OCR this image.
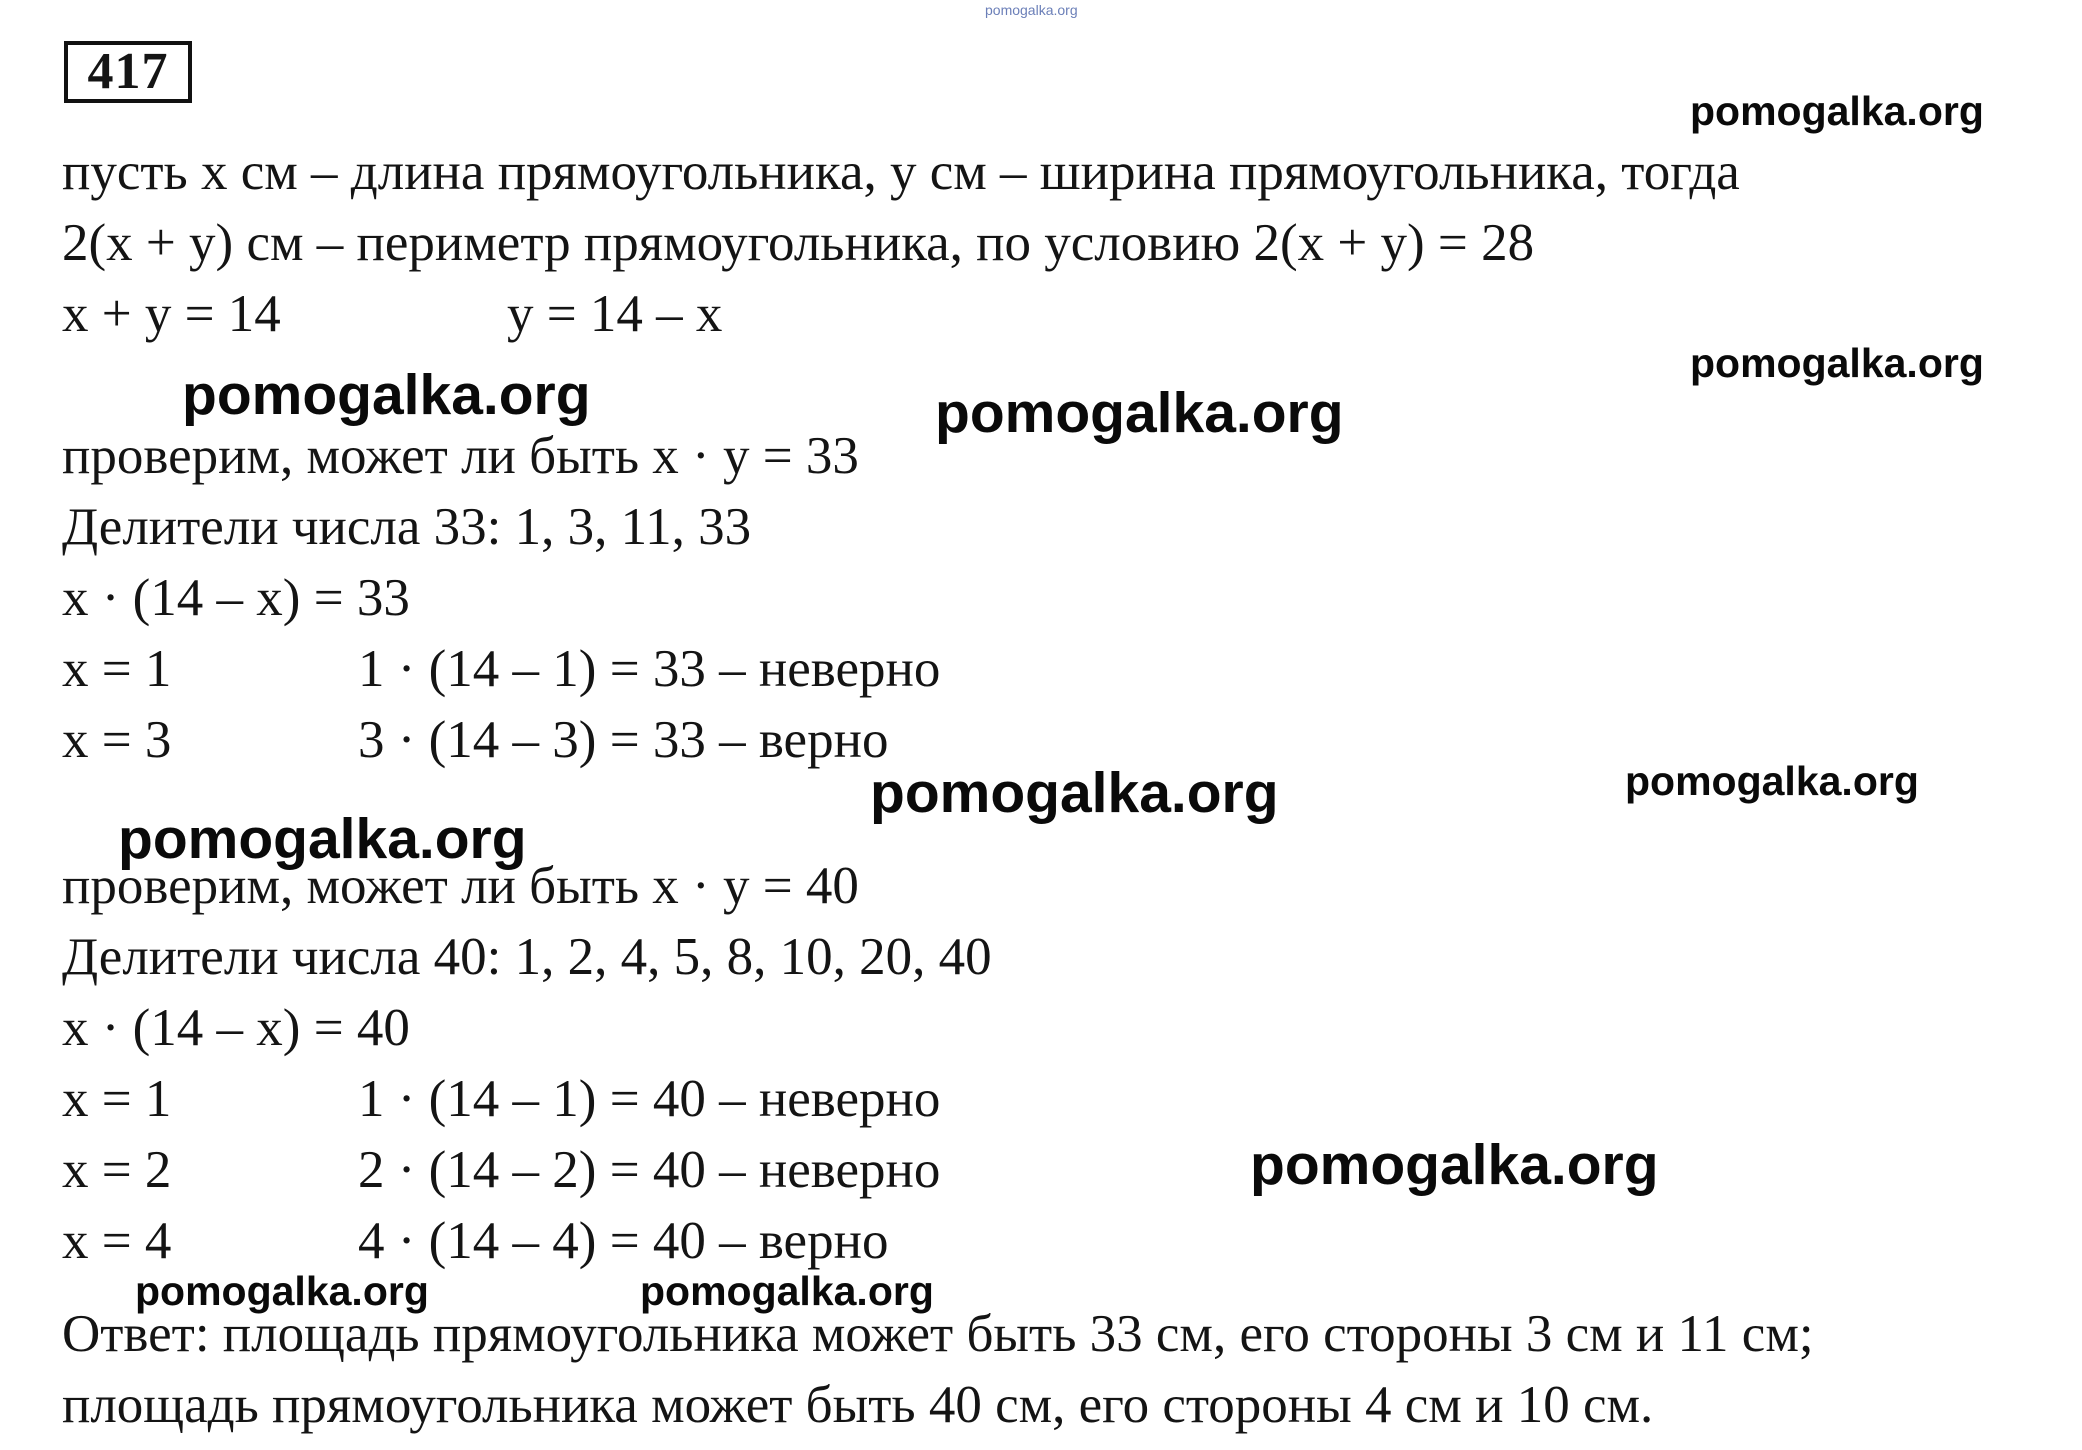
417

пусть х см – длина прямоугольника, у см – ширина прямоугольника, тогда

2(х + у) см – периметр прямоугольника, по условию 2(х + у) = 28

х + у = 14	у = 14 – х

проверим, может ли быть х · у = 33

Делители числа 33: 1, 3, 11, 33

х · (14 – х) = 33

х = 1	1 · (14 – 1) = 33 – неверно

х = 3	3 · (14 – 3) = 33 – верно

проверим, может ли быть х · у = 40

Делители числа 40: 1, 2, 4, 5, 8, 10, 20, 40

х · (14 – х) = 40

х = 1	1 · (14 – 1) = 40 – неверно

х = 2	2 · (14 – 2) = 40 – неверно

х = 4	4 · (14 – 4) = 40 – верно

Ответ: площадь прямоугольника может быть 33 см, его стороны 3 см и 11 см;

площадь прямоугольника может быть 40 см, его стороны 4 см и 10 см.

pomogalka.org
pomogalka.org
pomogalka.org
pomogalka.org	pomogalka.org
pomogalka.org	pomogalka.org
pomogalka.org
pomogalka.org
pomogalka.org	pomogalka.org
